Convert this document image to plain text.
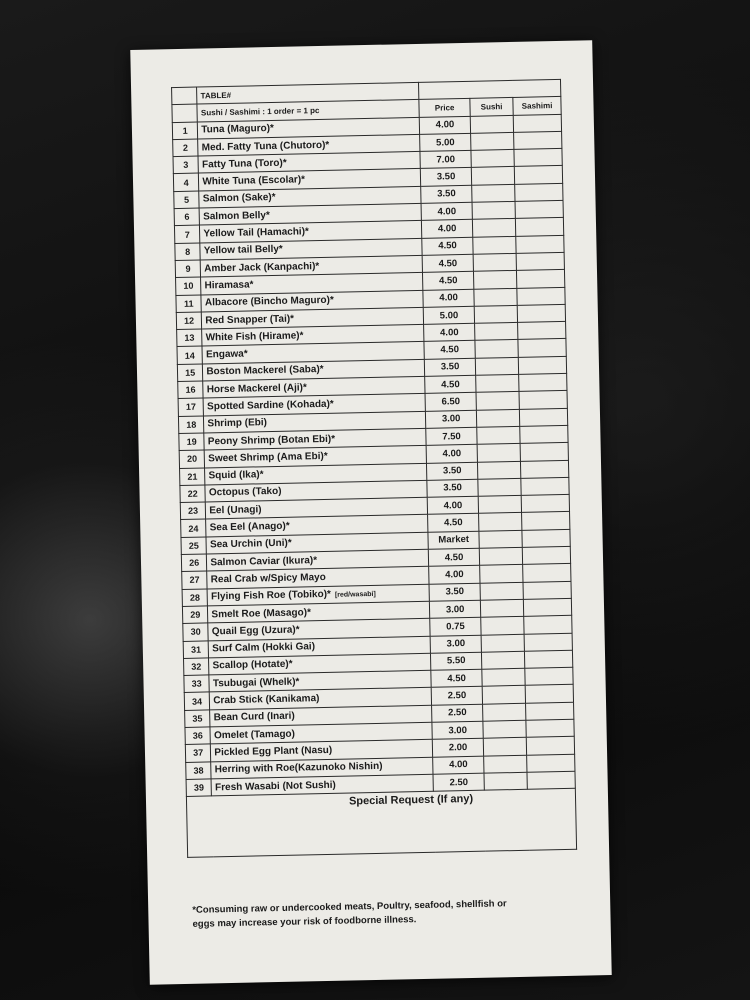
	TABLE#			
	Sushi / Sashimi : 1 order = 1 pc	Price	Sushi	Sashimi
1	Tuna (Maguro)*	4.00		
2	Med. Fatty Tuna (Chutoro)*	5.00		
3	Fatty Tuna (Toro)*	7.00		
4	White Tuna (Escolar)*	3.50		
5	Salmon (Sake)*	3.50		
6	Salmon Belly*	4.00		
7	Yellow Tail (Hamachi)*	4.00		
8	Yellow tail Belly*	4.50		
9	Amber Jack (Kanpachi)*	4.50		
10	Hiramasa*	4.50		
11	Albacore (Bincho Maguro)*	4.00		
12	Red Snapper (Tai)*	5.00		
13	White Fish (Hirame)*	4.00		
14	Engawa*	4.50		
15	Boston Mackerel (Saba)*	3.50		
16	Horse Mackerel (Aji)*	4.50		
17	Spotted Sardine (Kohada)*	6.50		
18	Shrimp (Ebi)	3.00		
19	Peony Shrimp (Botan Ebi)*	7.50		
20	Sweet Shrimp (Ama Ebi)*	4.00		
21	Squid (Ika)*	3.50		
22	Octopus (Tako)	3.50		
23	Eel (Unagi)	4.00		
24	Sea Eel (Anago)*	4.50		
25	Sea Urchin (Uni)*	Market		
26	Salmon Caviar (Ikura)*	4.50		
27	Real Crab w/Spicy Mayo	4.00		
28	Flying Fish Roe (Tobiko)* [red/wasabi]	3.50		
29	Smelt Roe (Masago)*	3.00		
30	Quail Egg (Uzura)*	0.75		
31	Surf Calm (Hokki Gai)	3.00		
32	Scallop (Hotate)*	5.50		
33	Tsubugai (Whelk)*	4.50		
34	Crab Stick (Kanikama)	2.50		
35	Bean Curd (Inari)	2.50		
36	Omelet (Tamago)	3.00		
37	Pickled Egg Plant (Nasu)	2.00		
38	Herring with Roe(Kazunoko Nishin)	4.00		
39	Fresh Wasabi (Not Sushi)	2.50		
Special Request (If any)				
*Consuming raw or undercooked meats, Poultry, seafood, shellfish or eggs may increase your risk of foodborne illness.
